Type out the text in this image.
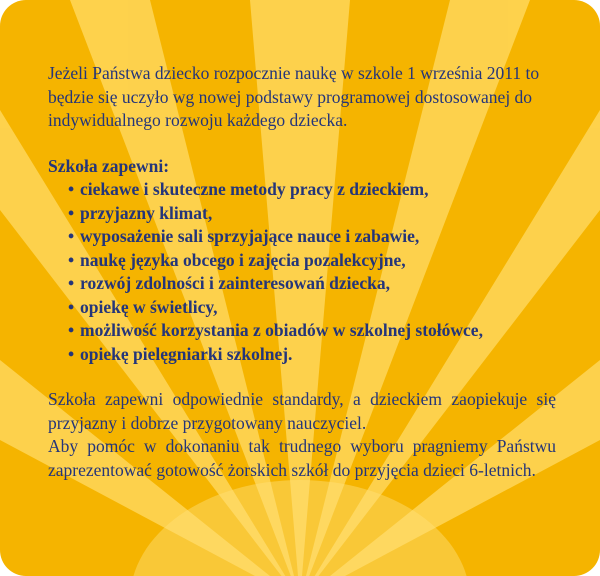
Jeżeli Państwa dziecko rozpocznie naukę w szkole 1 września 2011 to będzie się uczyło wg nowej podstawy programowej dostosowanej do indywidualnego rozwoju każdego dziecka.

Szkoła zapewni:

• ciekawe i skuteczne metody pracy z dzieckiem,
• przyjazny klimat,
• wyposażenie sali sprzyjające nauce i zabawie,
• naukę języka obcego i zajęcia pozalekcyjne,
• rozwój zdolności i zainteresowań dziecka,
• opiekę w świetlicy,
• możliwość korzystania z obiadów w szkolnej stołówce,
• opiekę pielęgniarki szkolnej.

Szkoła zapewni odpowiednie standardy, a dzieckiem zaopiekuje się przyjazny i dobrze przygotowany nauczyciel.

Aby pomóc w dokonaniu tak trudnego wyboru pragniemy Państwu zaprezentować gotowość żorskich szkół do przyjęcia dzieci 6-letnich.
